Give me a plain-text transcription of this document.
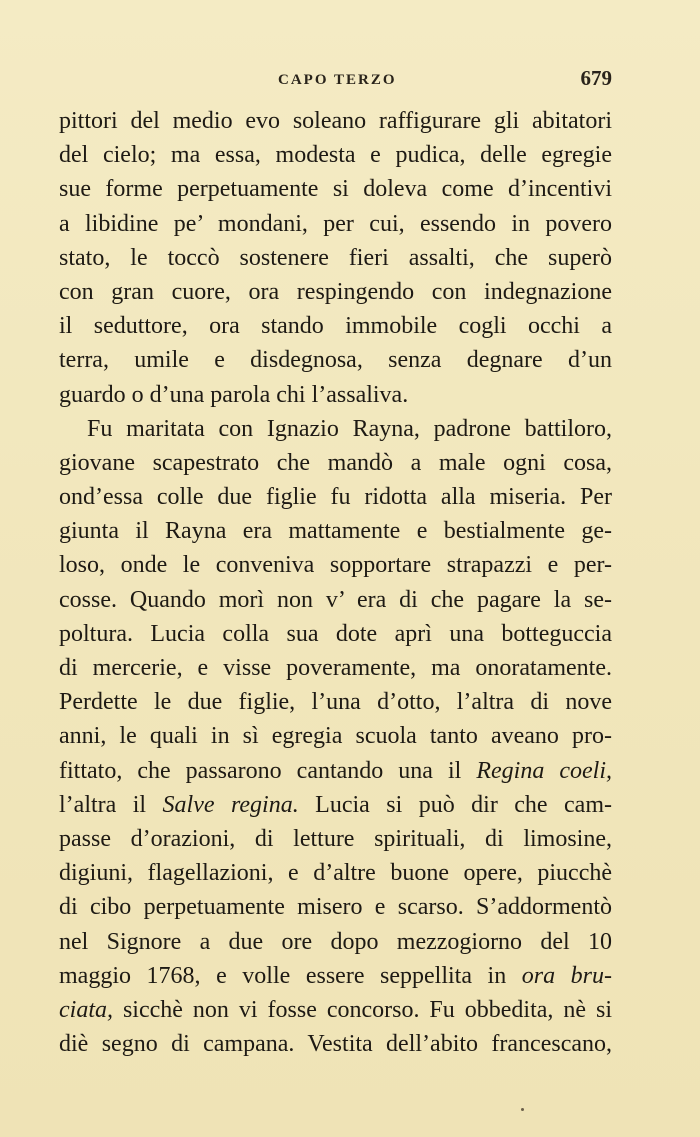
CAPO TERZO	679
pittori del medio evo soleano raffigurare gli abitatori
del cielo; ma essa, modesta e pudica, delle egregie
sue forme perpetuamente si doleva come d’incentivi
a libidine pe’ mondani, per cui, essendo in povero
stato, le toccò sostenere fieri assalti, che superò
con gran cuore, ora respingendo con indegnazione
il seduttore, ora stando immobile cogli occhi a
terra, umile e disdegnosa, senza degnare d’un
guardo o d’una parola chi l’assaliva.
Fu maritata con Ignazio Rayna, padrone battiloro,
giovane scapestrato che mandò a male ogni cosa,
ond’essa colle due figlie fu ridotta alla miseria. Per
giunta il Rayna era mattamente e bestialmente ge-
loso, onde le conveniva sopportare strapazzi e per-
cosse. Quando morì non v’ era di che pagare la se-
poltura. Lucia colla sua dote aprì una botteguccia
di mercerie, e visse poveramente, ma onoratamente.
Perdette le due figlie, l’una d’otto, l’altra di nove
anni, le quali in sì egregia scuola tanto aveano pro-
fittato, che passarono cantando una il Regina coeli,
l’altra il Salve regina. Lucia si può dir che cam-
passe d’orazioni, di letture spirituali, di limosine,
digiuni, flagellazioni, e d’altre buone opere, piucchè
di cibo perpetuamente misero e scarso. S’addormentò
nel Signore a due ore dopo mezzogiorno del 10
maggio 1768, e volle essere seppellita in ora bru-
ciata, sicchè non vi fosse concorso. Fu obbedita, nè si
diè segno di campana. Vestita dell’abito francescano,
